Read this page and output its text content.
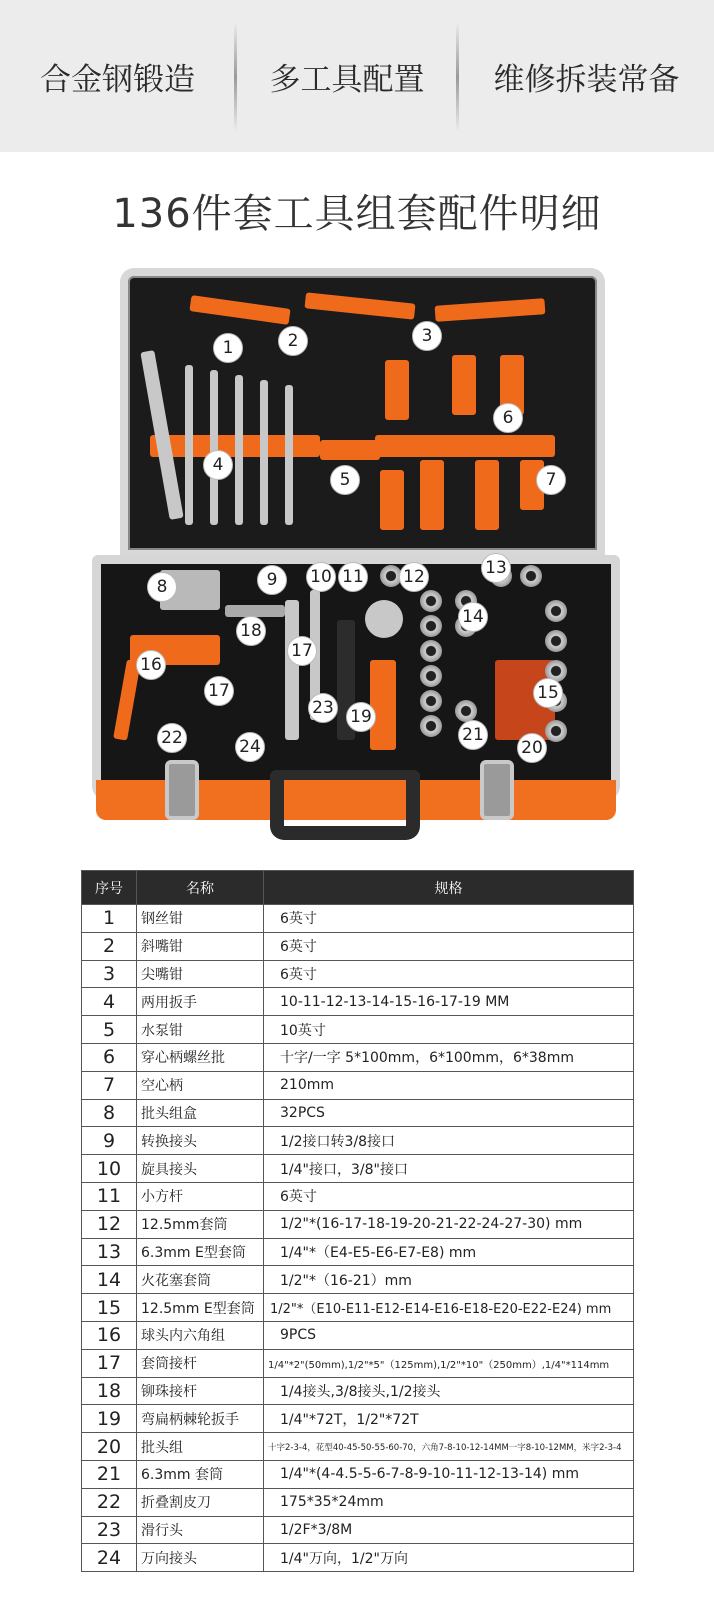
合金钢锻造	多工具配置	维修拆装常备
136件套工具组套配件明细
1	2	3
4
5
6
7
8	9	10 11 12	13
14
15
16
17
17
18
19
20
21
22
23
24
序号	名称	规格
1	钢丝钳	6英寸
2	斜嘴钳	6英寸
3	尖嘴钳	6英寸
4	两用扳手	10-11-12-13-14-15-16-17-19 MM
5	水泵钳	10英寸
6	穿心柄螺丝批	十字/一字 5*100mm，6*100mm，6*38mm
7	空心柄	210mm
8	批头组盒	32PCS
9	转换接头	1/2接口转3/8接口
10	旋具接头	1/4"接口，3/8"接口
11	小方杆	6英寸
12	12.5mm套筒	1/2"*(16-17-18-19-20-21-22-24-27-30) mm
13	6.3mm E型套筒	1/4"*（E4-E5-E6-E7-E8) mm
14	火花塞套筒	1/2"*（16-21）mm
15	12.5mm E型套筒	1/2"*（E10-E11-E12-E14-E16-E18-E20-E22-E24) mm
16	球头内六角组	9PCS
17	套筒接杆	1/4"*2"(50mm),1/2"*5"（125mm),1/2"*10"（250mm）,1/4"*114mm
18	铆珠接杆	1/4接头,3/8接头,1/2接头
19	弯扁柄棘轮扳手	1/4"*72T，1/2"*72T
20	批头组	十字2-3-4，花型40-45-50-55-60-70，六角7-8-10-12-14MM一字8-10-12MM，米字2-3-4
21	6.3mm 套筒	1/4"*(4-4.5-5-6-7-8-9-10-11-12-13-14) mm
22	折叠割皮刀	175*35*24mm
23	滑行头	1/2F*3/8M
24	万向接头	1/4"万向，1/2"万向
